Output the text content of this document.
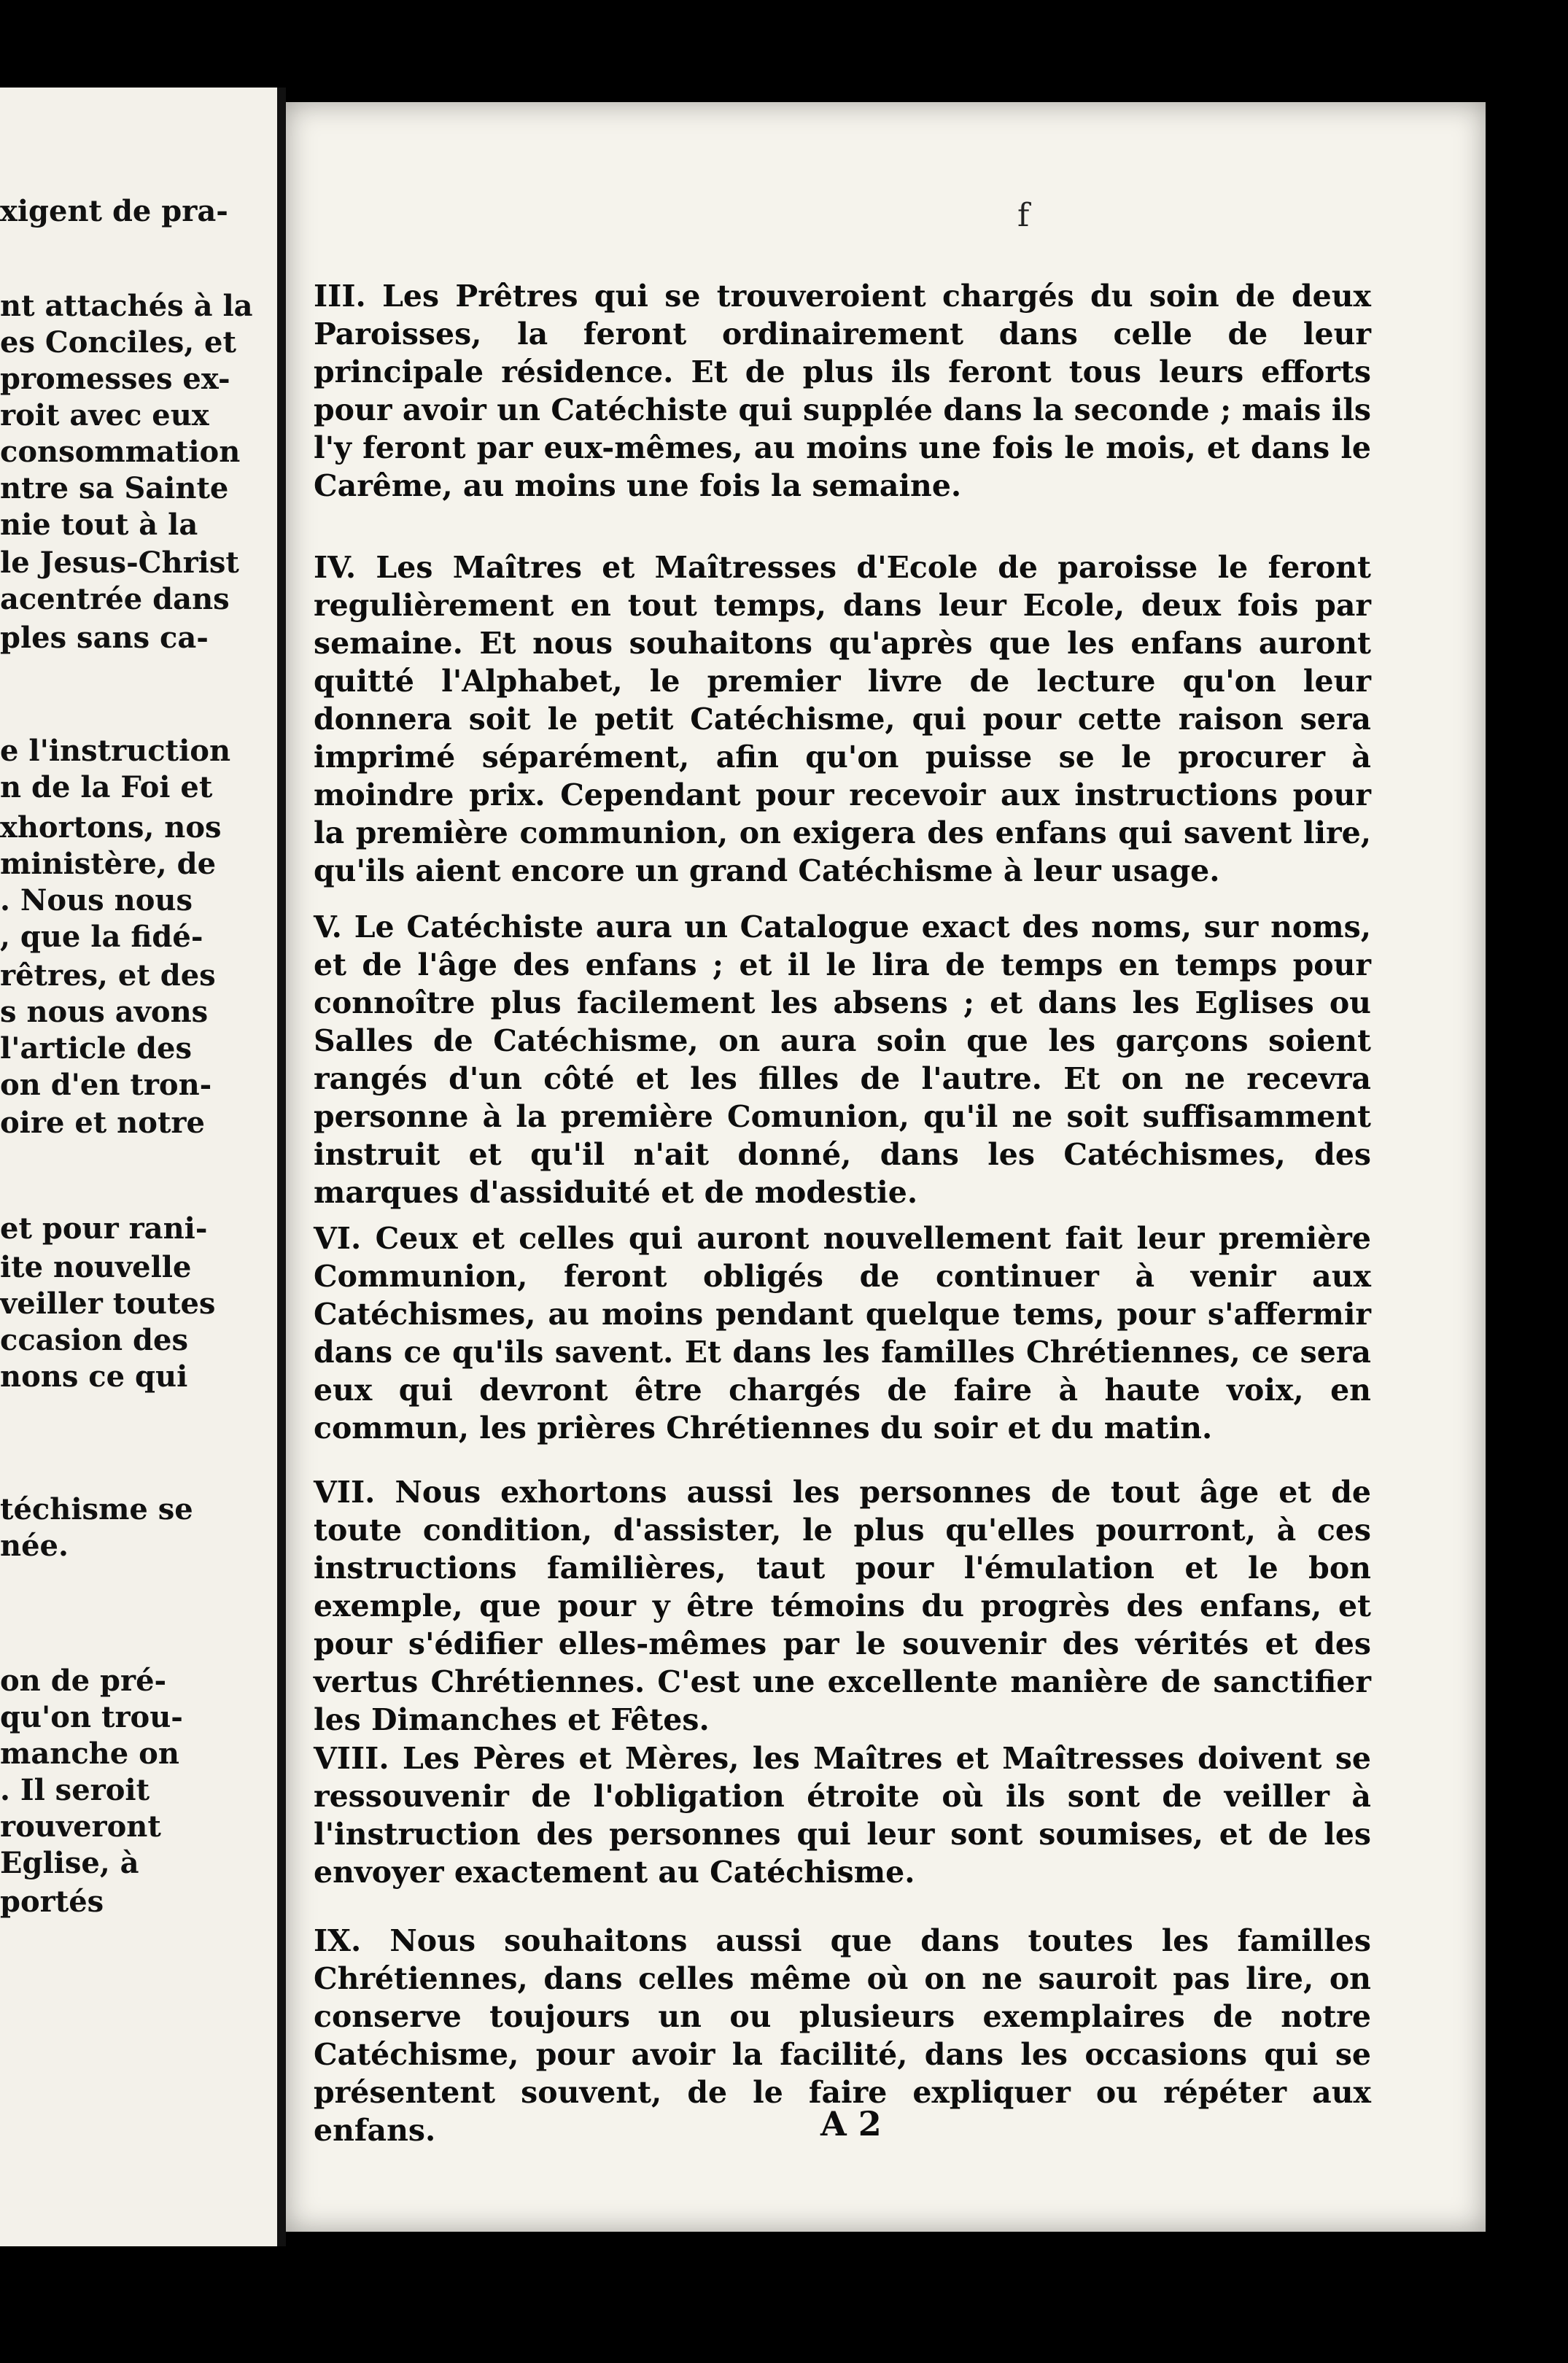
xigent de pra-
nt attachés à la
es Conciles, et
promesses ex-
roit avec eux
consommation
ntre sa Sainte
nie tout à la
le Jesus-Christ
acentrée dans
ples sans ca-
e l'instruction
n de la Foi et
xhortons, nos
ministère, de
. Nous nous
, que la fidé-
rêtres, et des
s nous avons
l'article des
on d'en tron-
oire et notre
et pour rani-
ite nouvelle
veiller toutes
ccasion des
nons ce qui
téchisme se
née.
on de pré-
qu'on trou-
manche on
. Il seroit
rouveront
Eglise, à
portés
f

III. Les Prêtres qui se trouveroient chargés du soin de deux Paroisses, la feront ordinairement dans celle de leur principale résidence. Et de plus ils feront tous leurs efforts pour avoir un Catéchiste qui supplée dans la seconde ; mais ils l'y feront par eux-mêmes, au moins une fois le mois, et dans le Carême, au moins une fois la semaine.

IV. Les Maîtres et Maîtresses d'Ecole de paroisse le feront regulièrement en tout temps, dans leur Ecole, deux fois par semaine. Et nous souhaitons qu'après que les enfans auront quitté l'Alphabet, le premier livre de lecture qu'on leur donnera soit le petit Catéchisme, qui pour cette raison sera imprimé séparément, afin qu'on puisse se le procurer à moindre prix. Cependant pour recevoir aux instructions pour la première communion, on exigera des enfans qui savent lire, qu'ils aient encore un grand Catéchisme à leur usage.

V. Le Catéchiste aura un Catalogue exact des noms, sur noms, et de l'âge des enfans ; et il le lira de temps en temps pour connoître plus facilement les absens ; et dans les Eglises ou Salles de Catéchisme, on aura soin que les garçons soient rangés d'un côté et les filles de l'autre. Et on ne recevra personne à la première Comunion, qu'il ne soit suffisamment instruit et qu'il n'ait donné, dans les Catéchismes, des marques d'assiduité et de modestie.

VI. Ceux et celles qui auront nouvellement fait leur première Communion, feront obligés de continuer à venir aux Catéchismes, au moins pendant quelque tems, pour s'affermir dans ce qu'ils savent. Et dans les familles Chrétiennes, ce sera eux qui devront être chargés de faire à haute voix, en commun, les prières Chrétiennes du soir et du matin.

VII. Nous exhortons aussi les personnes de tout âge et de toute condition, d'assister, le plus qu'elles pourront, à ces instructions familières, taut pour l'émulation et le bon exemple, que pour y être témoins du progrès des enfans, et pour s'édifier elles-mêmes par le souvenir des vérités et des vertus Chrétiennes. C'est une excellente manière de sanctifier les Dimanches et Fêtes.

VIII. Les Pères et Mères, les Maîtres et Maîtresses doivent se ressouvenir de l'obligation étroite où ils sont de veiller à l'instruction des personnes qui leur sont soumises, et de les envoyer exactement au Catéchisme.

IX. Nous souhaitons aussi que dans toutes les familles Chrétiennes, dans celles même où on ne sauroit pas lire, on conserve toujours un ou plusieurs exemplaires de notre Catéchisme, pour avoir la facilité, dans les occasions qui se présentent souvent, de le faire expliquer ou répéter aux enfans.	A 2
